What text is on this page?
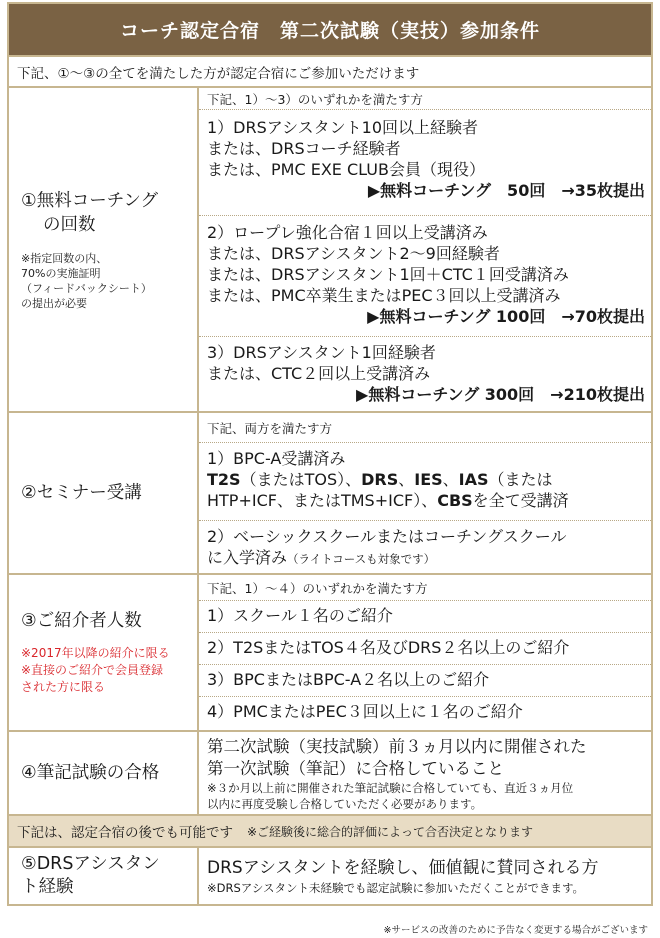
コーチ認定合宿　第二次試験（実技）参加条件
下記、①～③の全てを満たした方が認定合宿にご参加いただけます
①無料コーチング
の回数
※指定回数の内、
70%の実施証明
（フィードバックシート）
の提出が必要
下記、1）～3）のいずれかを満たす方
1）DRSアシスタント10回以上経験者
または、DRSコーチ経験者
または、PMC EXE CLUB会員（現役）
▶無料コーチング　50回　→35枚提出
2）ロープレ強化合宿１回以上受講済み
または、DRSアシスタント2～9回経験者
または、DRSアシスタント1回＋CTC１回受講済み
または、PMC卒業生またはPEC３回以上受講済み
▶無料コーチング 100回　→70枚提出
3）DRSアシスタント1回経験者
または、CTC２回以上受講済み
▶無料コーチング 300回　→210枚提出
②セミナー受講
下記、両方を満たす方
1）BPC-A受講済み
T2S（またはTOS）、DRS、IES、IAS（または
HTP+ICF、またはTMS+ICF）、CBSを全て受講済
2）ベーシックスクールまたはコーチングスクール
に入学済み（ライトコースも対象です）
③ご紹介者人数
※2017年以降の紹介に限る
※直接のご紹介で会員登録
された方に限る
下記、1）～４）のいずれかを満たす方
1）スクール１名のご紹介
2）T2SまたはTOS４名及びDRS２名以上のご紹介
3）BPCまたはBPC-A２名以上のご紹介
4）PMCまたはPEC３回以上に１名のご紹介
④筆記試験の合格
第二次試験（実技試験）前３ヵ月以内に開催された
第一次試験（筆記）に合格していること
※３か月以上前に開催された筆記試験に合格していても、直近３ヵ月位
以内に再度受験し合格していただく必要があります。
下記は、認定合宿の後でも可能です ※ご経験後に総合的評価によって合否決定となります
⑤DRSアシスタン
ト経験
DRSアシスタントを経験し、価値観に賛同される方
※DRSアシスタント未経験でも認定試験に参加いただくことができます。
※サービスの改善のために予告なく変更する場合がございます
